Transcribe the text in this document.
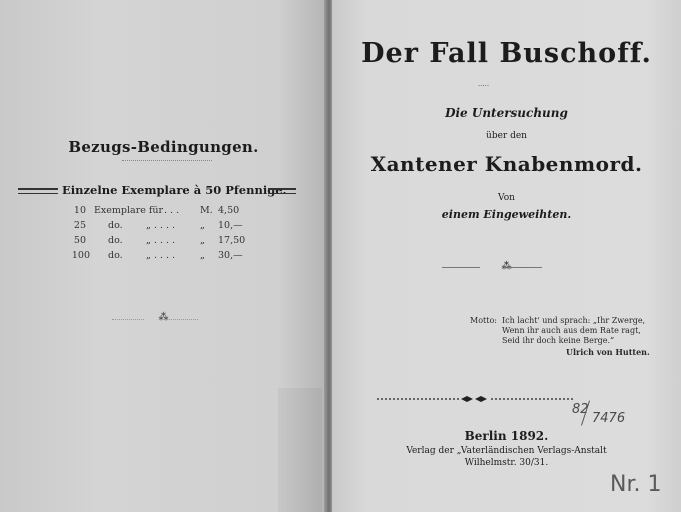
Bezugs-Bedingungen.
Einzelne Exemplare à 50 Pfennige.
10 Exemplare für . . . M. 4,50
25 do. „ . . . .	„ 10,—
50 do. „ . . . .	„ 17,50
100 do. „ . . . .	„ 30,—
⁂
Der Fall Buschoff.
·····
Die Untersuchung
über den
Xantener Knabenmord.
Von
einem Eingeweihten.
⁂
Motto: Ich lacht' und sprach: „Ihr Zwerge,
Wenn ihr auch aus dem Rate ragt,
Seid ihr doch keine Berge.“
Ulrich von Hutten.
82
7476
Berlin 1892.
Verlag der „Vaterländischen Verlags-Anstalt
Wilhelmstr. 30/31.
Nr. 1
